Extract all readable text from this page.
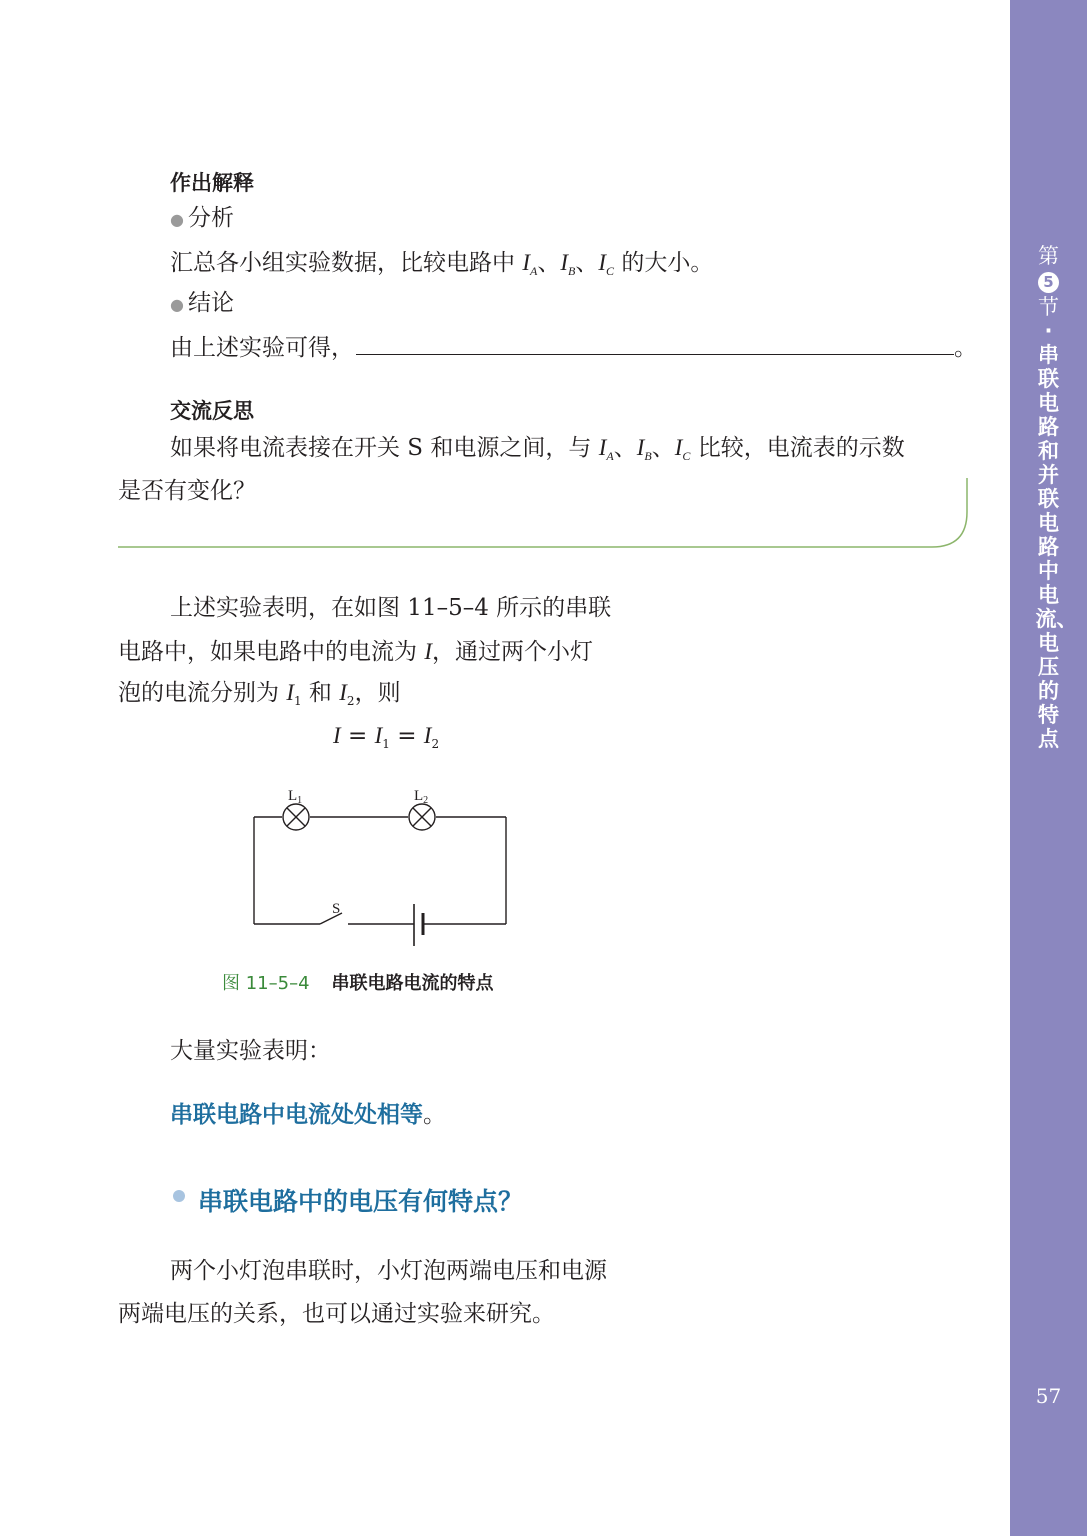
作出解释
● 分析
汇总各小组实验数据，比较电路中 $I_A$、$I_B$、$I_C$ 的大小。
● 结论
由上述实验可得，	。
交流反思
如果将电流表接在开关 S 和电源之间，与 $I_A$、$I_B$、$I_C$ 比较，电流表的示数
是否有变化？
上述实验表明，在如图 11–5–4 所示的串联
电路中，如果电路中的电流为 I，通过两个小灯
泡的电流分别为 $I_1$ 和 $I_2$，则
$I = I_1 = I_2$
$L_1$	$L_2$
S
图 11–5–4 串联电路电流的特点
大量实验表明：
串联电路中电流处处相等。
串联电路中的电压有何特点？
两个小灯泡串联时，小灯泡两端电压和电源
两端电压的关系，也可以通过实验来研究。
第
5
节
·
串联电路和并联电路中电流、电压的特点
57
